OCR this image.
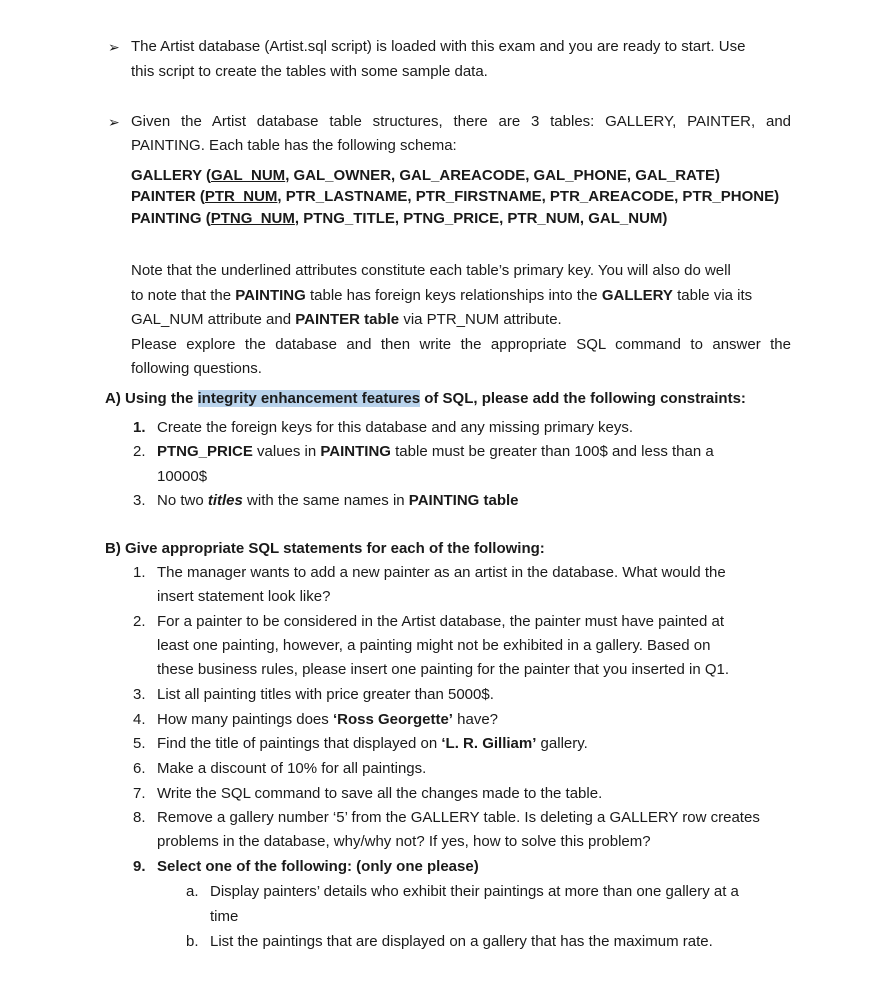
➢ The Artist database (Artist.sql script) is loaded with this exam and you are ready to start. Use
this script to create the tables with some sample data.
➢ Given the Artist database table structures, there are 3 tables: GALLERY, PAINTER, and
PAINTING. Each table has the following schema:
GALLERY (GAL_NUM, GAL_OWNER, GAL_AREACODE, GAL_PHONE, GAL_RATE)
PAINTER (PTR_NUM, PTR_LASTNAME, PTR_FIRSTNAME, PTR_AREACODE, PTR_PHONE)
PAINTING (PTNG_NUM, PTNG_TITLE, PTNG_PRICE, PTR_NUM, GAL_NUM)
Note that the underlined attributes constitute each table’s primary key. You will also do well
to note that the PAINTING table has foreign keys relationships into the GALLERY table via its
GAL_NUM attribute and PAINTER table via PTR_NUM attribute.
Please explore the database and then write the appropriate SQL command to answer the
following questions.
A) Using the integrity enhancement features of SQL, please add the following constraints:
1. Create the foreign keys for this database and any missing primary keys.
2. PTNG_PRICE values in PAINTING table must be greater than 100$ and less than a
10000$
3. No two titles with the same names in PAINTING table
B) Give appropriate SQL statements for each of the following:
1. The manager wants to add a new painter as an artist in the database. What would the
insert statement look like?
2. For a painter to be considered in the Artist database, the painter must have painted at
least one painting, however, a painting might not be exhibited in a gallery. Based on
these business rules, please insert one painting for the painter that you inserted in Q1.
3. List all painting titles with price greater than 5000$.
4. How many paintings does ‘Ross Georgette’ have?
5. Find the title of paintings that displayed on ‘L. R. Gilliam’ gallery.
6. Make a discount of 10% for all paintings.
7. Write the SQL command to save all the changes made to the table.
8. Remove a gallery number ‘5’ from the GALLERY table. Is deleting a GALLERY row creates
problems in the database, why/why not? If yes, how to solve this problem?
9. Select one of the following: (only one please)
a. Display painters’ details who exhibit their paintings at more than one gallery at a
time
b. List the paintings that are displayed on a gallery that has the maximum rate.
